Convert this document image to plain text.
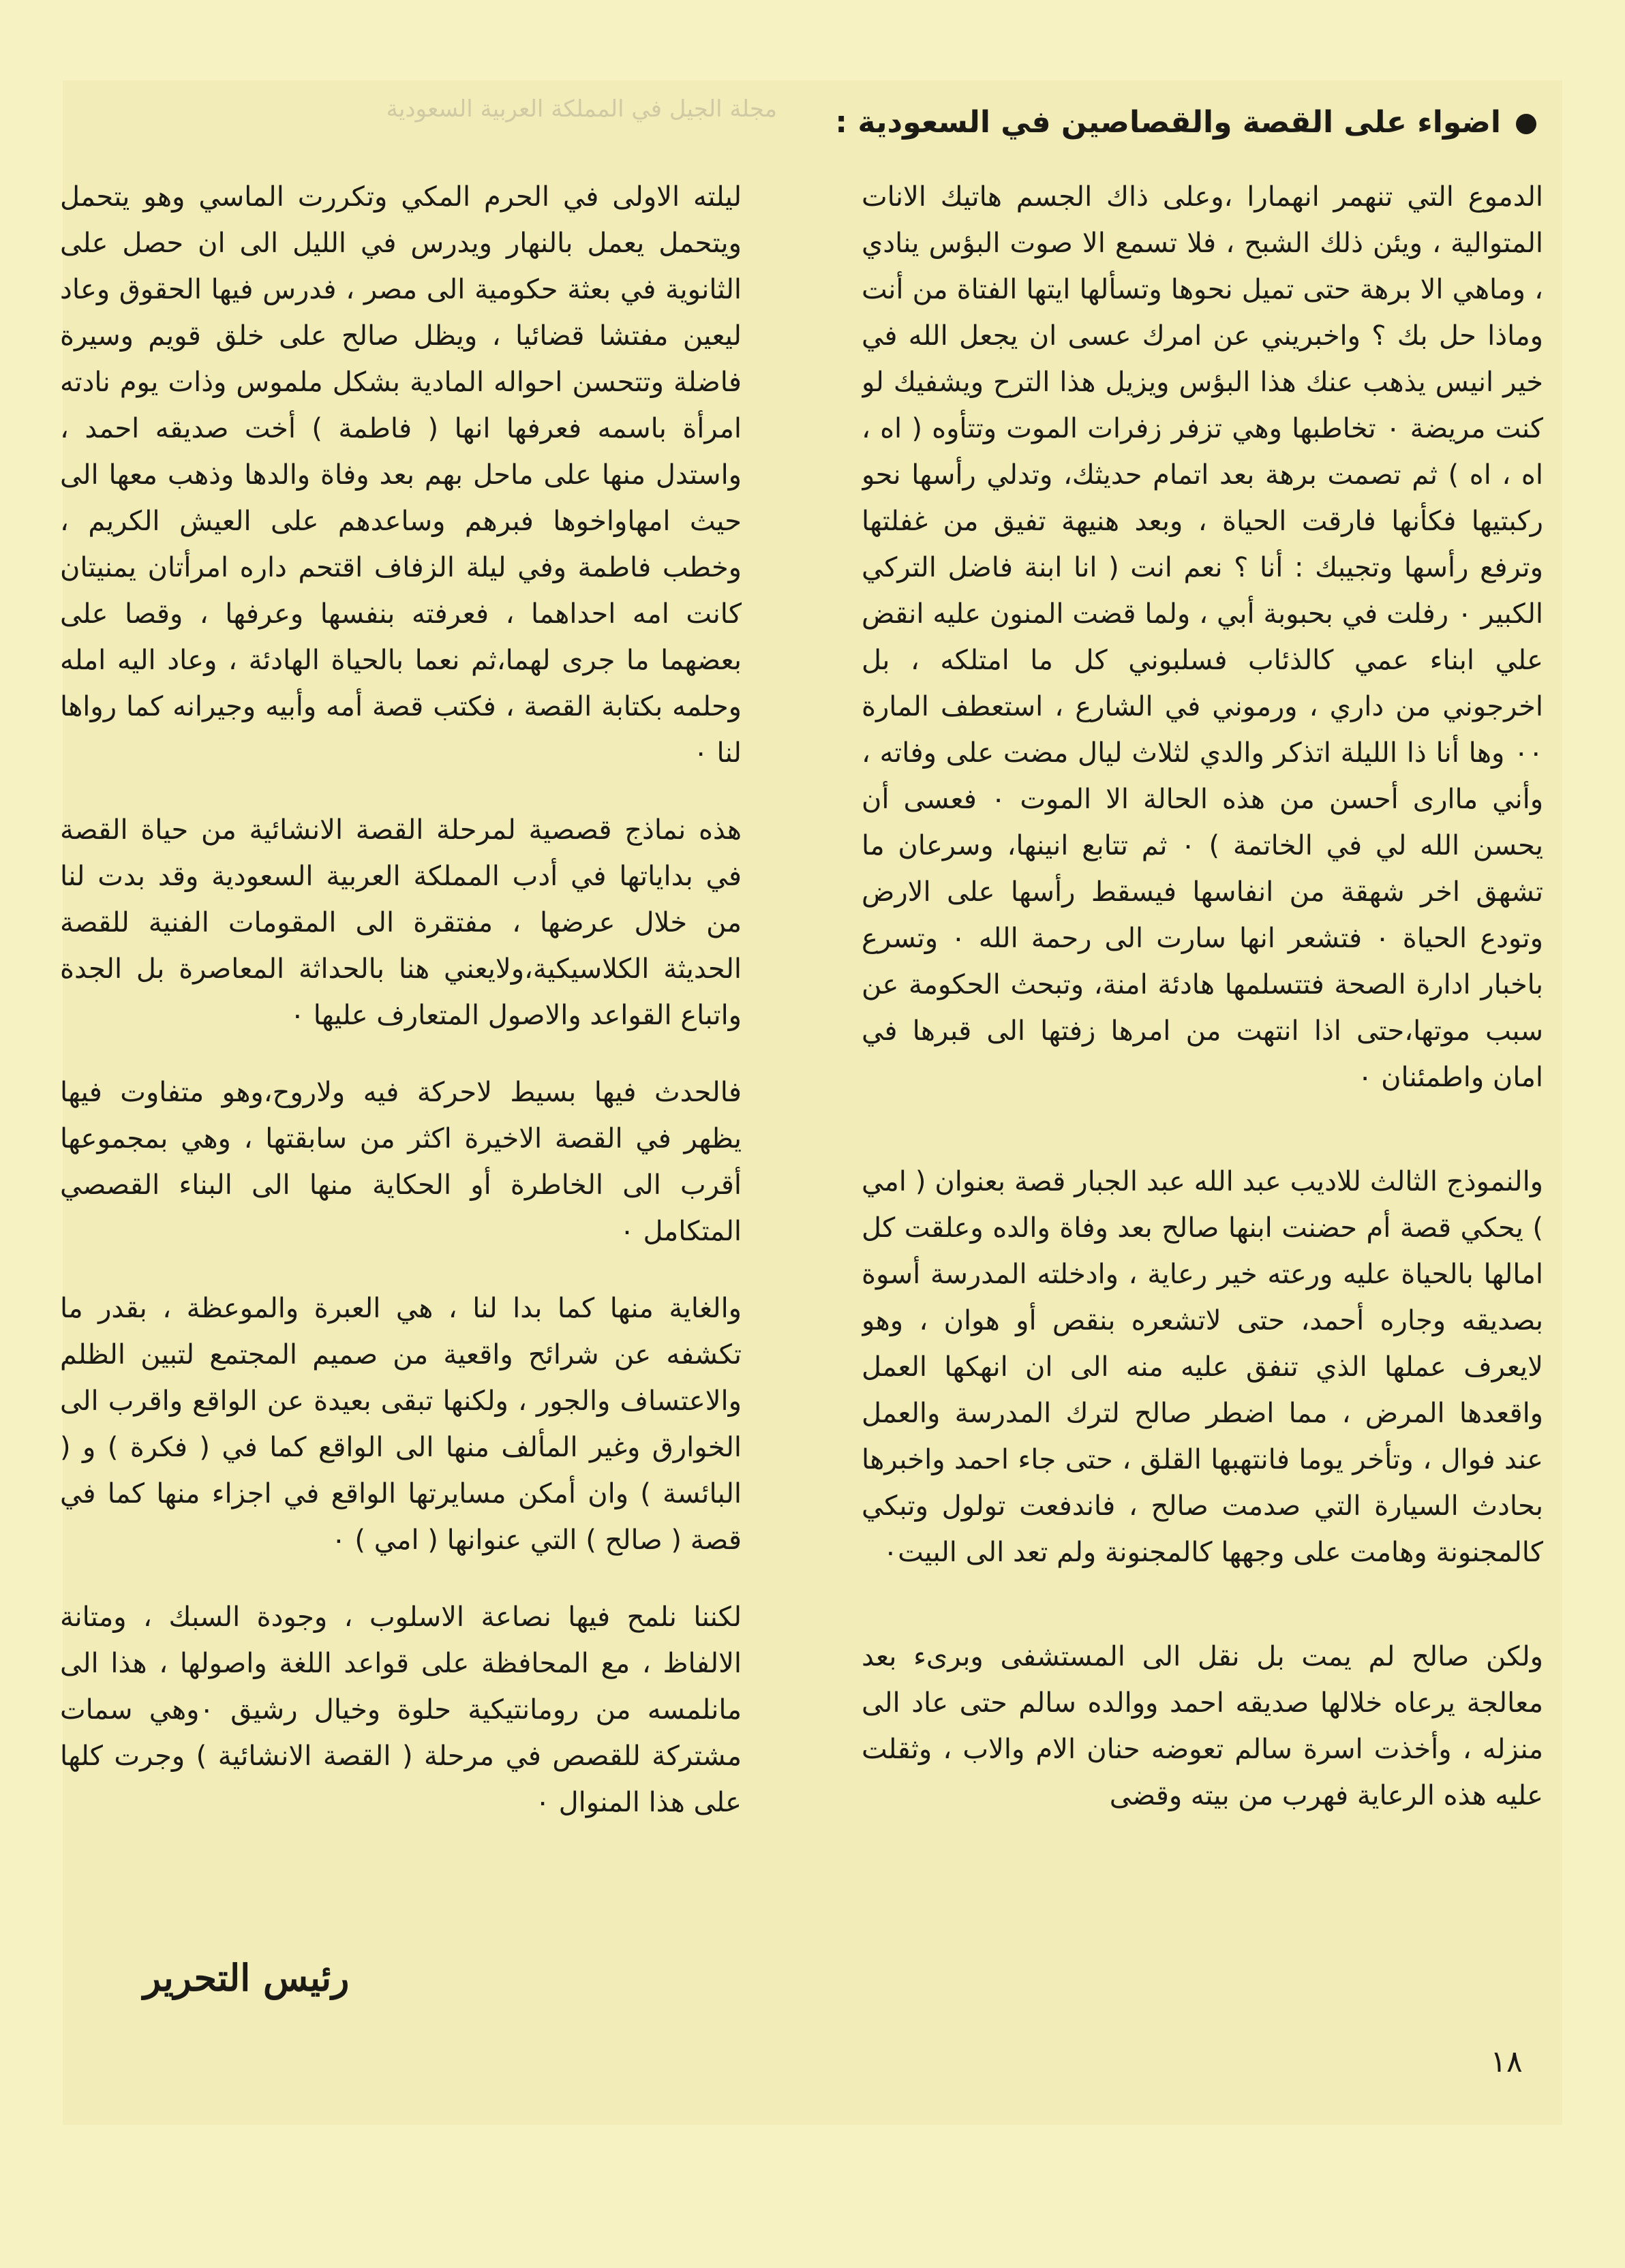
مجلة الجيل في المملكة العربية السعودية	اضواء على القصة والقصاصين في السعودية :

الدموع التي تنهمر انهمارا ،وعلى ذاك الجسم هاتيك الانات المتوالية ، ويئن ذلك الشبح ، فلا تسمع الا صوت البؤس ينادي ، وماهي الا برهة حتى تميل نحوها وتسألها ايتها الفتاة من أنت وماذا حل بك ؟ واخبريني عن امرك عسى ان يجعل الله في خير انيس يذهب عنك هذا البؤس ويزيل هذا الترح ويشفيك لو كنت مريضة ٠ تخاطبها وهي تزفر زفرات الموت وتتأوه ( اه ، اه ، اه ) ثم تصمت برهة بعد اتمام حديثك، وتدلي رأسها نحو ركبتيها فكأنها فارقت الحياة ، وبعد هنيهة تفيق من غفلتها وترفع رأسها وتجيبك : أنا ؟ نعم انت ( انا ابنة فاضل التركي الكبير ٠ رفلت في بحبوبة أبي ، ولما قضت المنون عليه انقض علي ابناء عمي كالذئاب فسلبوني كل ما امتلكه ، بل اخرجوني من داري ، ورموني في الشارع ، استعطف المارة ٠٠ وها أنا ذا الليلة اتذكر والدي لثلاث ليال مضت على وفاته ، وأني ماارى أحسن من هذه الحالة الا الموت ٠ فعسى أن يحسن الله لي في الخاتمة ) ٠ ثم تتابع انينها، وسرعان ما تشهق اخر شهقة من انفاسها فيسقط رأسها على الارض وتودع الحياة ٠ فتشعر انها سارت الى رحمة الله ٠ وتسرع باخبار ادارة الصحة فتتسلمها هادئة امنة، وتبحث الحكومة عن سبب موتها،حتى اذا انتهت من امرها زفتها الى قبرها في امان واطمئنان ٠

والنموذج الثالث للاديب عبد الله عبد الجبار قصة بعنوان ( امي ) يحكي قصة أم حضنت ابنها صالح بعد وفاة والده وعلقت كل امالها بالحياة عليه ورعته خير رعاية ، وادخلته المدرسة أسوة بصديقه وجاره أحمد، حتى لاتشعره بنقص أو هوان ، وهو لايعرف عملها الذي تنفق عليه منه الى ان انهكها العمل واقعدها المرض ، مما اضطر صالح لترك المدرسة والعمل عند فوال ، وتأخر يوما فانتهبها القلق ، حتى جاء احمد واخبرها بحادث السيارة التي صدمت صالح ، فاندفعت تولول وتبكي كالمجنونة وهامت على وجهها كالمجنونة ولم تعد الى البيت٠

ولكن صالح لم يمت بل نقل الى المستشفى وبرىء بعد معالجة يرعاه خلالها صديقه احمد ووالده سالم حتى عاد الى منزله ، وأخذت اسرة سالم تعوضه حنان الام والاب ، وثقلت عليه هذه الرعاية فهرب من بيته وقضى

ليلته الاولى في الحرم المكي وتكررت الماسي وهو يتحمل ويتحمل يعمل بالنهار ويدرس في الليل الى ان حصل على الثانوية في بعثة حكومية الى مصر ، فدرس فيها الحقوق وعاد ليعين مفتشا قضائيا ، ويظل صالح على خلق قويم وسيرة فاضلة وتتحسن احواله المادية بشكل ملموس وذات يوم نادته امرأة باسمه فعرفها انها ( فاطمة ) أخت صديقه احمد ، واستدل منها على ماحل بهم بعد وفاة والدها وذهب معها الى حيث امهاواخوها فبرهم وساعدهم على العيش الكريم ، وخطب فاطمة وفي ليلة الزفاف اقتحم داره امرأتان يمنيتان كانت امه احداهما ، فعرفته بنفسها وعرفها ، وقصا على بعضهما ما جرى لهما،ثم نعما بالحياة الهادئة ، وعاد اليه امله وحلمه بكتابة القصة ، فكتب قصة أمه وأبيه وجيرانه كما رواها لنا ٠

هذه نماذج قصصية لمرحلة القصة الانشائية من حياة القصة في بداياتها في أدب المملكة العربية السعودية وقد بدت لنا من خلال عرضها ، مفتقرة الى المقومات الفنية للقصة الحديثة الكلاسيكية،ولايعني هنا بالحداثة المعاصرة بل الجدة واتباع القواعد والاصول المتعارف عليها ٠

فالحدث فيها بسيط لاحركة فيه ولاروح،وهو متفاوت فيها يظهر في القصة الاخيرة اكثر من سابقتها ، وهي بمجموعها أقرب الى الخاطرة أو الحكاية منها الى البناء القصصي المتكامل ٠

والغاية منها كما بدا لنا ، هي العبرة والموعظة ، بقدر ما تكشفه عن شرائح واقعية من صميم المجتمع لتبين الظلم والاعتساف والجور ، ولكنها تبقى بعيدة عن الواقع واقرب الى الخوارق وغير المألف منها الى الواقع كما في ( فكرة ) و ( البائسة ) وان أمكن مسايرتها الواقع في اجزاء منها كما في قصة ( صالح ) التي عنوانها ( امي ) ٠

لكننا نلمح فيها نصاعة الاسلوب ، وجودة السبك ، ومتانة الالفاظ ، مع المحافظة على قواعد اللغة واصولها ، هذا الى مانلمسه من رومانتيكية حلوة وخيال رشيق ٠وهي سمات مشتركة للقصص في مرحلة ( القصة الانشائية ) وجرت كلها على هذا المنوال ٠

رئيس التحرير

١٨
